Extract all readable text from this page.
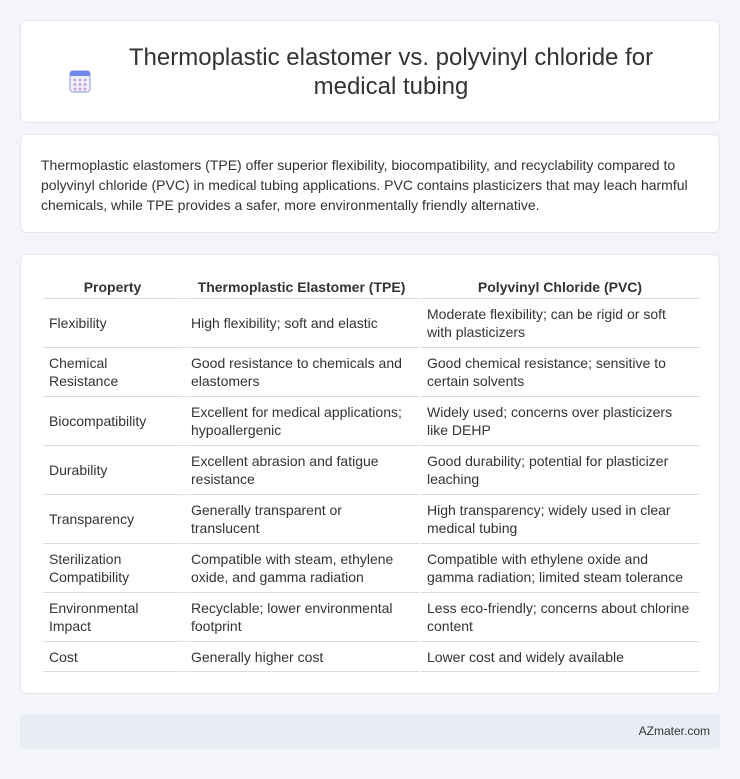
Thermoplastic elastomer vs. polyvinyl chloride for medical tubing

Thermoplastic elastomers (TPE) offer superior flexibility, biocompatibility, and recyclability compared to polyvinyl chloride (PVC) in medical tubing applications. PVC contains plasticizers that may leach harmful chemicals, while TPE provides a safer, more environmentally friendly alternative.

Property	Thermoplastic Elastomer (TPE)	Polyvinyl Chloride (PVC)
Flexibility	High flexibility; soft and elastic	Moderate flexibility; can be rigid or soft with plasticizers
Chemical Resistance	Good resistance to chemicals and elastomers	Good chemical resistance; sensitive to certain solvents
Biocompatibility	Excellent for medical applications; hypoallergenic	Widely used; concerns over plasticizers like DEHP
Durability	Excellent abrasion and fatigue resistance	Good durability; potential for plasticizer leaching
Transparency	Generally transparent or translucent	High transparency; widely used in clear medical tubing
Sterilization Compatibility	Compatible with steam, ethylene oxide, and gamma radiation	Compatible with ethylene oxide and gamma radiation; limited steam tolerance
Environmental Impact	Recyclable; lower environmental footprint	Less eco-friendly; concerns about chlorine content
Cost	Generally higher cost	Lower cost and widely available
AZmater.com
